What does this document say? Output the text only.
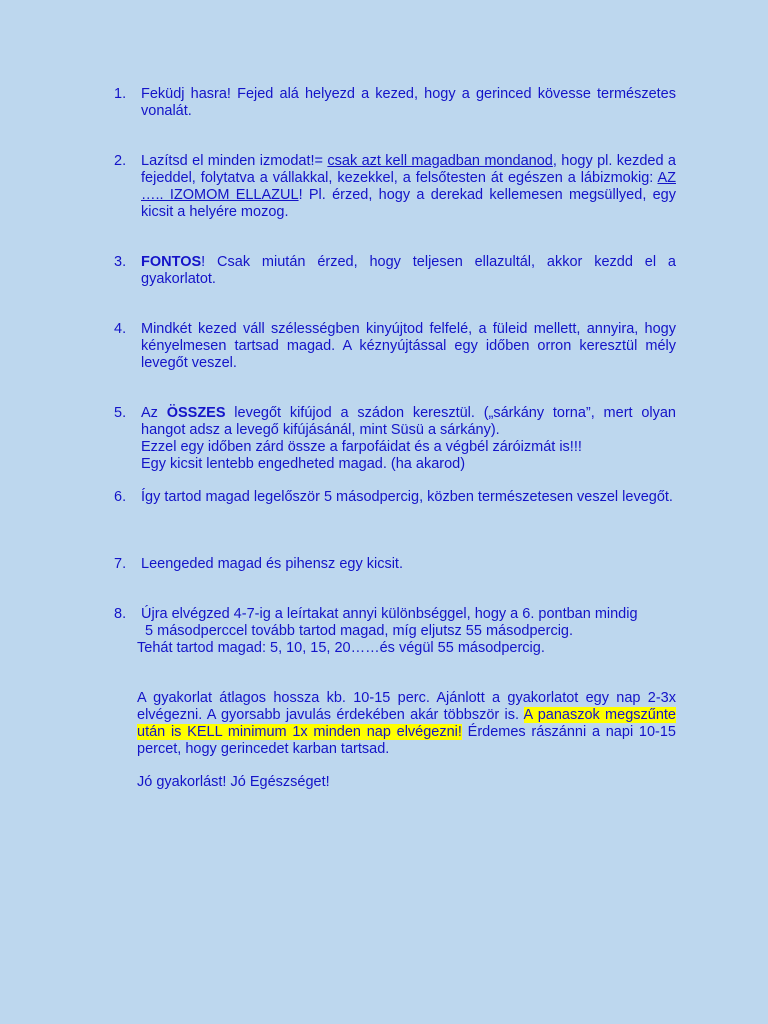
1.	Feküdj hasra! Fejed alá helyezd a kezed, hogy a gerinced kövesse természetes vonalát.
2.	Lazítsd el minden izmodat!= csak azt kell magadban mondanod, hogy pl. kezded a fejeddel, folytatva a vállakkal, kezekkel, a felsőtesten át egészen a lábizmokig: AZ ….. IZOMOM ELLAZUL! Pl. érzed, hogy a derekad kellemesen megsüllyed, egy kicsit a helyére mozog.
3.	FONTOS! Csak miután érzed, hogy teljesen ellazultál, akkor kezdd el a gyakorlatot.
4.	Mindkét kezed váll szélességben kinyújtod felfelé, a füleid mellett, annyira, hogy kényelmesen tartsad magad. A kéznyújtással egy időben orron keresztül mély levegőt veszel.
5.	Az ÖSSZES levegőt kifújod a szádon keresztül. („sárkány torna”, mert olyan hangot adsz a levegő kifújásánál, mint Süsü a sárkány).

Ezzel egy időben zárd össze a farpofáidat és a végbél záróizmát is!!!

Egy kicsit lentebb engedheted magad. (ha akarod)

6.	Így tartod magad legelőször 5 másodpercig, közben természetesen veszel levegőt.
7.	Leengeded magad és pihensz egy kicsit.
8.	Újra elvégzed 4-7-ig a leírtakat annyi különbséggel, hogy a 6. pontban mindig

5 másodperccel tovább tartod magad, míg eljutsz 55 másodpercig.

Tehát tartod magad: 5, 10, 15, 20……és végül 55 másodpercig.

A gyakorlat átlagos hossza kb. 10-15 perc. Ajánlott a gyakorlatot egy nap 2-3x elvégezni. A gyorsabb javulás érdekében akár többször is. A panaszok megszűnte után is KELL minimum 1x minden nap elvégezni! Érdemes rászánni a napi 10-15 percet, hogy gerincedet karban tartsad.
Jó gyakorlást! Jó Egészséget!
